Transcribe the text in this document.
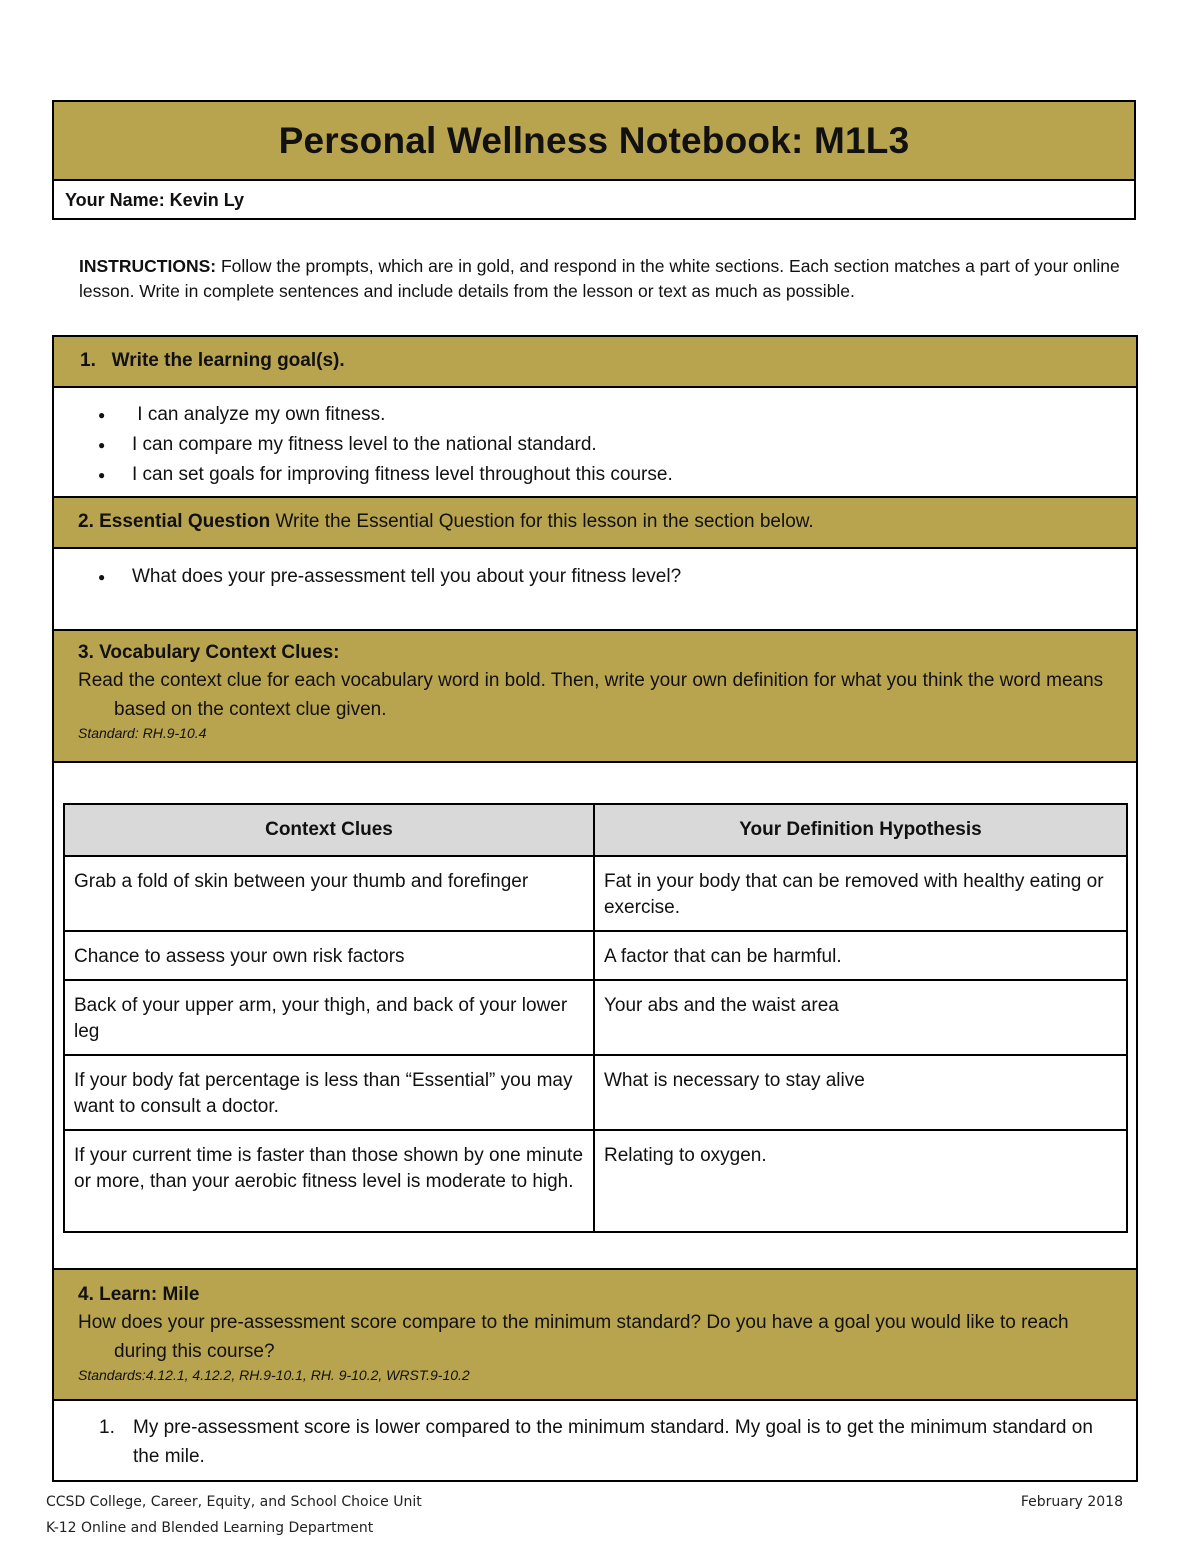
Personal Wellness Notebook: M1L3
Your Name: Kevin Ly
INSTRUCTIONS: Follow the prompts, which are in gold, and respond in the white sections. Each section matches a part of your online lesson. Write in complete sentences and include details from the lesson or text as much as possible.
1.   Write the learning goal(s).
●  I can analyze my own fitness.
● I can compare my fitness level to the national standard.
● I can set goals for improving fitness level throughout this course.
2. Essential Question Write the Essential Question for this lesson in the section below.
● What does your pre-assessment tell you about your fitness level?
3. Vocabulary Context Clues:
Read the context clue for each vocabulary word in bold. Then, write your own definition for what you think the word means based on the context clue given.
Standard: RH.9-10.4
Context Clues	Your Definition Hypothesis
Grab a fold of skin between your thumb and forefinger	Fat in your body that can be removed with healthy eating or exercise.
Chance to assess your own risk factors	A factor that can be harmful.
Back of your upper arm, your thigh, and back of your lower leg	Your abs and the waist area
If your body fat percentage is less than “Essential” you may want to consult a doctor.	What is necessary to stay alive
If your current time is faster than those shown by one minute or more, than your aerobic fitness level is moderate to high.	Relating to oxygen.
4. Learn: Mile
How does your pre-assessment score compare to the minimum standard? Do you have a goal you would like to reach during this course?
Standards:4.12.1, 4.12.2, RH.9-10.1, RH. 9-10.2, WRST.9-10.2
1. My pre-assessment score is lower compared to the minimum standard. My goal is to get the minimum standard on the mile.
CCSD College, Career, Equity, and School Choice Unit
K-12 Online and Blended Learning Department
February 2018
